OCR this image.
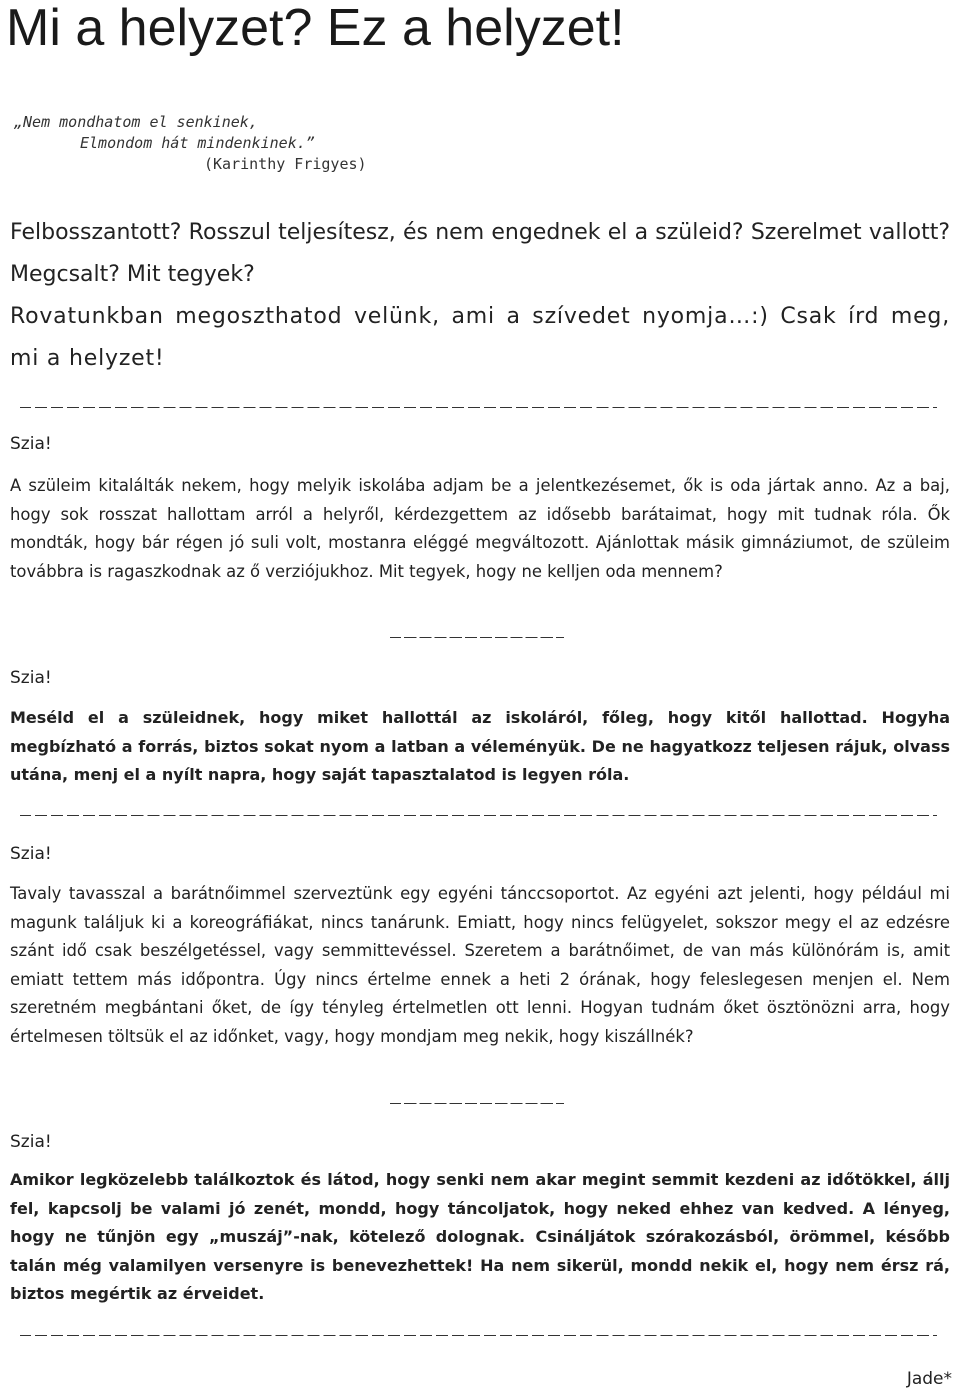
Mi a helyzet? Ez a helyzet!
„Nem mondhatom el senkinek,
Elmondom hát mindenkinek.”
(Karinthy Frigyes)

Felbosszantott? Rosszul teljesítesz, és nem engednek el a szüleid? Szerelmet vallott? Megcsalt? Mit tegyek?

Rovatunkban megoszthatod velünk, ami a szívedet nyomja…:) Csak írd meg, mi a helyzet!

Szia!

A szüleim kitalálták nekem, hogy melyik iskolába adjam be a jelentkezésemet, ők is oda jártak anno. Az a baj, hogy sok rosszat hallottam arról a helyről, kérdezgettem az idősebb barátaimat, hogy mit tudnak róla. Ők mondták, hogy bár régen jó suli volt, mostanra eléggé megváltozott. Ajánlottak másik gimnáziumot, de szüleim továbbra is ragaszkodnak az ő verziójukhoz. Mit tegyek, hogy ne kelljen oda mennem?

Szia!

Meséld el a szüleidnek, hogy miket hallottál az iskoláról, főleg, hogy kitől hallottad. Hogyha megbízható a forrás, biztos sokat nyom a latban a véleményük. De ne hagyatkozz teljesen rájuk, olvass utána, menj el a nyílt napra, hogy saját tapasztalatod is legyen róla.

Szia!

Tavaly tavasszal a barátnőimmel szerveztünk egy egyéni tánccsoportot. Az egyéni azt jelenti, hogy például mi magunk találjuk ki a koreográfiákat, nincs tanárunk. Emiatt, hogy nincs felügyelet, sokszor megy el az edzésre szánt idő csak beszélgetéssel, vagy semmittevéssel. Szeretem a barátnőimet, de van más különórám is, amit emiatt tettem más időpontra. Úgy nincs értelme ennek a heti 2 órának, hogy feleslegesen menjen el. Nem szeretném megbántani őket, de így tényleg értelmetlen ott lenni. Hogyan tudnám őket ösztönözni arra, hogy értelmesen töltsük el az időnket, vagy, hogy mondjam meg nekik, hogy kiszállnék?

Szia!

Amikor legközelebb találkoztok és látod, hogy senki nem akar megint semmit kezdeni az időtökkel, állj fel, kapcsolj be valami jó zenét, mondd, hogy táncoljatok, hogy neked ehhez van kedved. A lényeg, hogy ne tűnjön egy „muszáj”-nak, kötelező dolognak. Csináljátok szórakozásból, örömmel, később talán még valamilyen versenyre is benevezhettek! Ha nem sikerül, mondd nekik el, hogy nem érsz rá, biztos megértik az érveidet.

Jade*
